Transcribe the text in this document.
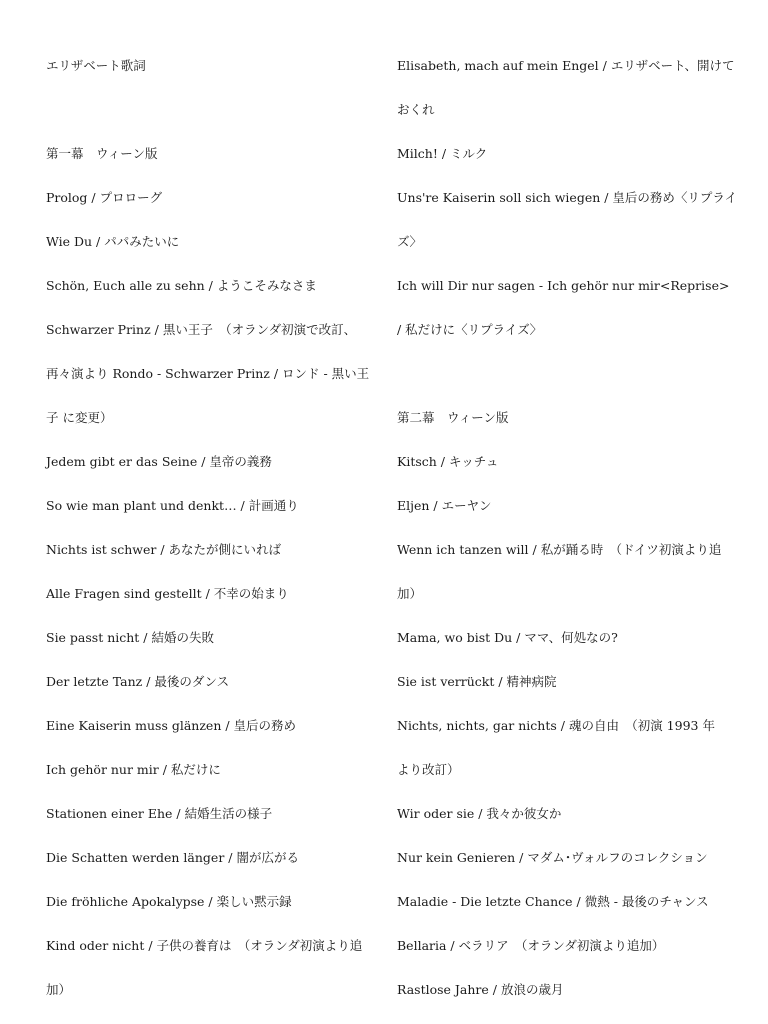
エリザベート歌詞
第一幕　ウィーン版
Prolog / プロローグ
Wie Du / パパみたいに
Schön, Euch alle zu sehn / ようこそみなさま
Schwarzer Prinz / 黒い王子　（オランダ初演で改訂、
再々演より Rondo - Schwarzer Prinz / ロンド - 黒い王
子 に変更）
Jedem gibt er das Seine / 皇帝の義務
So wie man plant und denkt… / 計画通り
Nichts ist schwer / あなたが側にいれば
Alle Fragen sind gestellt / 不幸の始まり
Sie passt nicht / 結婚の失敗
Der letzte Tanz / 最後のダンス
Eine Kaiserin muss glänzen / 皇后の務め
Ich gehör nur mir / 私だけに
Stationen einer Ehe / 結婚生活の様子
Die Schatten werden länger / 闇が広がる
Die fröhliche Apokalypse / 楽しい黙示録
Kind oder nicht / 子供の養育は　（オランダ初演より追
加）
Elisabeth, mach auf mein Engel / エリザベート、開けて
おくれ
Milch! / ミルク
Uns're Kaiserin soll sich wiegen / 皇后の務め〈リプライ
ズ〉
Ich will Dir nur sagen - Ich gehör nur mir<Reprise>
/ 私だけに〈リプライズ〉
第二幕　ウィーン版
Kitsch / キッチュ
Eljen / エーヤン
Wenn ich tanzen will / 私が踊る時　（ドイツ初演より追
加）
Mama, wo bist Du / ママ、何処なの?
Sie ist verrückt / 精神病院
Nichts, nichts, gar nichts / 魂の自由　（初演 1993 年
より改訂）
Wir oder sie / 我々か彼女か
Nur kein Genieren / マダム･ヴォルフのコレクション
Maladie - Die letzte Chance / 微熱 - 最後のチャンス
Bellaria / ベラリア　（オランダ初演より追加）
Rastlose Jahre / 放浪の歳月
